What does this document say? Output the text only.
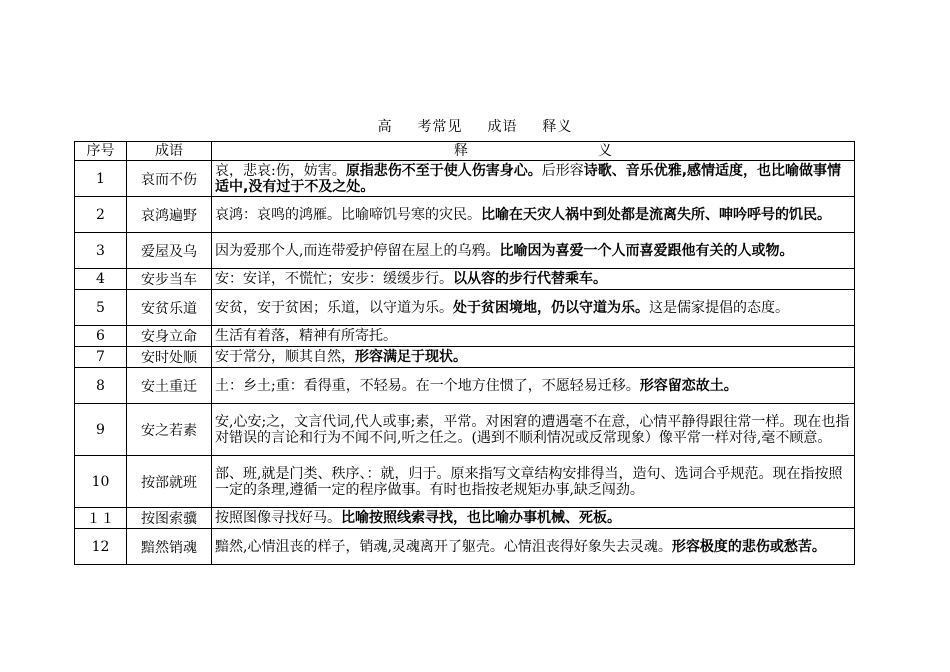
高 考常见 成语 释义
序号	成语	释 义
1	哀而不伤	哀，悲哀:伤，妨害。原指悲伤不至于使人伤害身心。后形容诗歌、音乐优雅,感情适度，也比喻做事情适中,没有过于不及之处。
2	哀鸿遍野	哀鸿：哀鸣的鸿雁。比喻啼饥号寒的灾民。比喻在天灾人祸中到处都是流离失所、呻吟呼号的饥民。
3	爱屋及乌	因为爱那个人,而连带爱护停留在屋上的乌鸦。比喻因为喜爱一个人而喜爱跟他有关的人或物。
4	安步当车	安：安详，不慌忙；安步：缓缓步行。以从容的步行代替乘车。
5	安贫乐道	安贫，安于贫困；乐道，以守道为乐。处于贫困境地，仍以守道为乐。这是儒家提倡的态度。
6	安身立命	生活有着落，精神有所寄托。
7	安时处顺	安于常分，顺其自然，形容满足于现状。
8	安土重迁	土：乡土;重：看得重，不轻易。在一个地方住惯了，不愿轻易迁移。形容留恋故土。
9	安之若素	安,心安;之，文言代词,代人或事;素，平常。对困窘的遭遇毫不在意，心情平静得跟往常一样。现在也指对错误的言论和行为不闻不问,听之任之。(遇到不顺利情况或反常现象）像平常一样对待,毫不顾意。
10	按部就班	部、班,就是门类、秩序、：就，归于。原来指写文章结构安排得当，造句、选词合乎规范。现在指按照一定的条理,遵循一定的程序做事。有时也指按老规矩办事,缺乏闯劲。
１１	按图索骥	按照图像寻找好马。比喻按照线索寻找，也比喻办事机械、死板。
12	黯然销魂	黯然,心情沮丧的样子，销魂,灵魂离开了躯壳。心情沮丧得好象失去灵魂。形容极度的悲伤或愁苦。
